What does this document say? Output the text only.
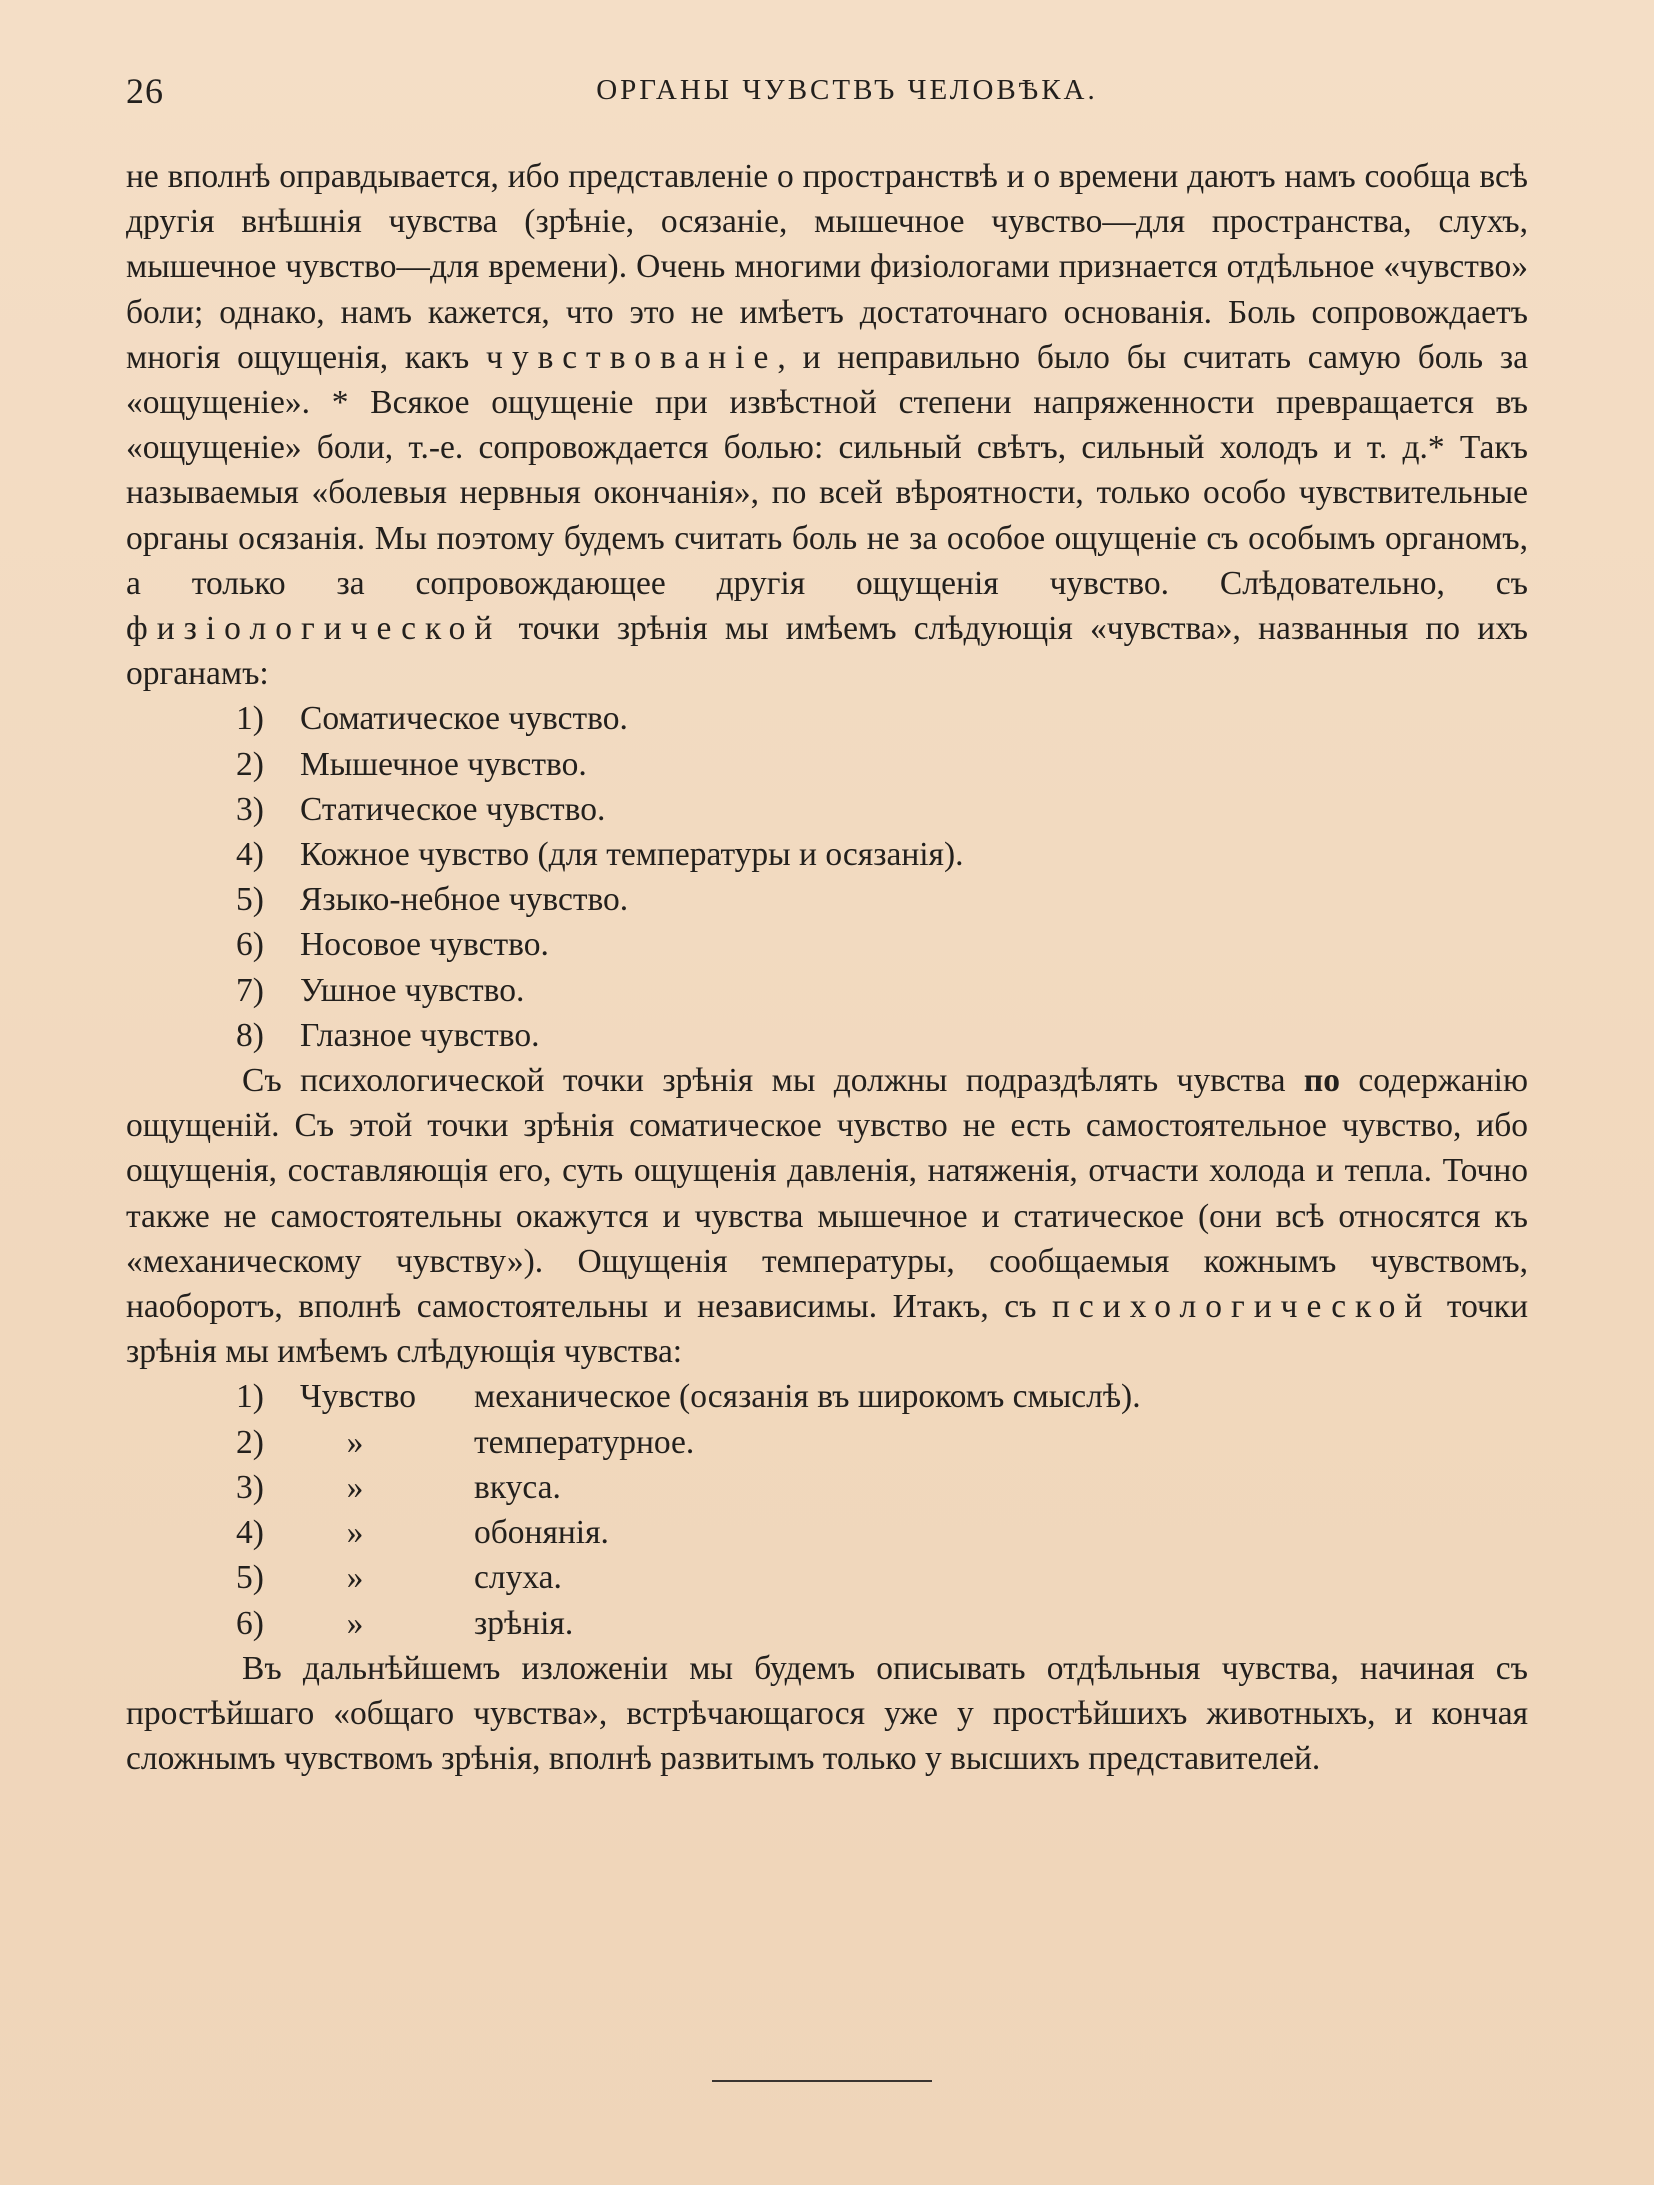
26	ОРГАНЫ ЧУВСТВЪ ЧЕЛОВѢКА.

не вполнѣ оправдывается, ибо представленіе о пространствѣ и о времени даютъ намъ сообща всѣ другія внѣшнія чувства (зрѣніе, осязаніе, мышечное чувство—для пространства, слухъ, мышечное чувство—для времени). Очень многими физіологами признается отдѣльное «чувство» боли; однако, намъ кажется, что это не имѣетъ достаточнаго основанія. Боль сопровождаетъ многія ощущенія, какъ чувствованіе, и неправильно было бы считать самую боль за «ощущеніе». * Всякое ощущеніе при извѣстной степени напряженности превращается въ «ощущеніе» боли, т.-е. сопровождается болью: сильный свѣтъ, сильный холодъ и т. д.* Такъ называемыя «болевыя нервныя окончанія», по всей вѣроятности, только особо чувствительные органы осязанія. Мы поэтому будемъ считать боль не за особое ощущеніе съ особымъ органомъ, а только за сопровождающее другія ощущенія чувство. Слѣдовательно, съ физіологической точки зрѣнія мы имѣемъ слѣдующія «чувства», названныя по ихъ органамъ:

1) Соматическое чувство.
2) Мышечное чувство.
3) Статическое чувство.
4) Кожное чувство (для температуры и осязанія).
5) Языко-небное чувство.
6) Носовое чувство.
7) Ушное чувство.
8) Глазное чувство.

Съ психологической точки зрѣнія мы должны подраздѣлять чувства по содержанію ощущеній. Съ этой точки зрѣнія соматическое чувство не есть самостоятельное чувство, ибо ощущенія, составляющія его, суть ощущенія давленія, натяженія, отчасти холода и тепла. Точно также не самостоятельны окажутся и чувства мышечное и статическое (они всѣ относятся къ «механическому чувству»). Ощущенія температуры, сообщаемыя кожнымъ чувствомъ, наоборотъ, вполнѣ самостоятельны и независимы. Итакъ, съ психологической точки зрѣнія мы имѣемъ слѣдующія чувства:

1) Чувство механическое (осязанія въ широкомъ смыслѣ).
2) »	температурное.
3) »	вкуса.
4) »	обонянія.
5) »	слуха.
6) »	зрѣнія.

Въ дальнѣйшемъ изложеніи мы будемъ описывать отдѣльныя чувства, начиная съ простѣйшаго «общаго чувства», встрѣчающагося уже у простѣйшихъ животныхъ, и кончая сложнымъ чувствомъ зрѣнія, вполнѣ развитымъ только у высшихъ представителей.
